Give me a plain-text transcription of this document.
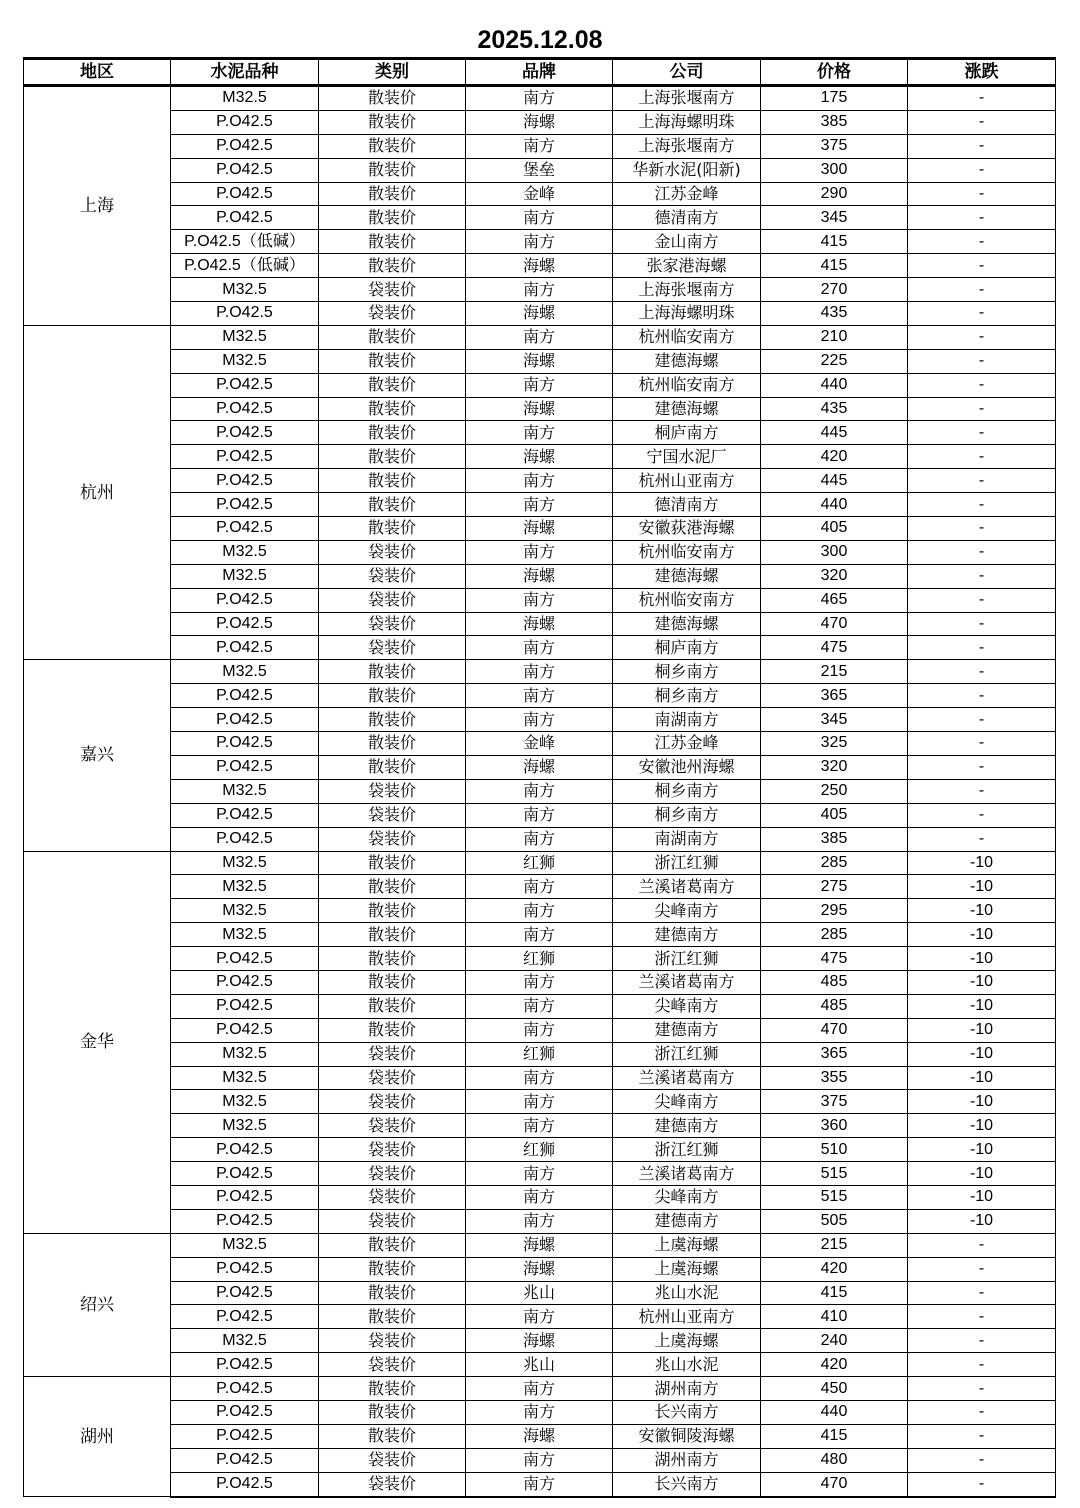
2025.12.08
地区	水泥品种	类别	品牌	公司	价格	涨跌
上海	M32.5	散装价	南方	上海张堰南方	175	-
	P.O42.5	散装价	海螺	上海海螺明珠	385	-
	P.O42.5	散装价	南方	上海张堰南方	375	-
	P.O42.5	散装价	堡垒	华新水泥(阳新)	300	-
	P.O42.5	散装价	金峰	江苏金峰	290	-
	P.O42.5	散装价	南方	德清南方	345	-
	P.O42.5（低碱）	散装价	南方	金山南方	415	-
	P.O42.5（低碱）	散装价	海螺	张家港海螺	415	-
	M32.5	袋装价	南方	上海张堰南方	270	-
	P.O42.5	袋装价	海螺	上海海螺明珠	435	-
杭州	M32.5	散装价	南方	杭州临安南方	210	-
	M32.5	散装价	海螺	建德海螺	225	-
	P.O42.5	散装价	南方	杭州临安南方	440	-
	P.O42.5	散装价	海螺	建德海螺	435	-
	P.O42.5	散装价	南方	桐庐南方	445	-
	P.O42.5	散装价	海螺	宁国水泥厂	420	-
	P.O42.5	散装价	南方	杭州山亚南方	445	-
	P.O42.5	散装价	南方	德清南方	440	-
	P.O42.5	散装价	海螺	安徽荻港海螺	405	-
	M32.5	袋装价	南方	杭州临安南方	300	-
	M32.5	袋装价	海螺	建德海螺	320	-
	P.O42.5	袋装价	南方	杭州临安南方	465	-
	P.O42.5	袋装价	海螺	建德海螺	470	-
	P.O42.5	袋装价	南方	桐庐南方	475	-
嘉兴	M32.5	散装价	南方	桐乡南方	215	-
	P.O42.5	散装价	南方	桐乡南方	365	-
	P.O42.5	散装价	南方	南湖南方	345	-
	P.O42.5	散装价	金峰	江苏金峰	325	-
	P.O42.5	散装价	海螺	安徽池州海螺	320	-
	M32.5	袋装价	南方	桐乡南方	250	-
	P.O42.5	袋装价	南方	桐乡南方	405	-
	P.O42.5	袋装价	南方	南湖南方	385	-
金华	M32.5	散装价	红狮	浙江红狮	285	-10
	M32.5	散装价	南方	兰溪诸葛南方	275	-10
	M32.5	散装价	南方	尖峰南方	295	-10
	M32.5	散装价	南方	建德南方	285	-10
	P.O42.5	散装价	红狮	浙江红狮	475	-10
	P.O42.5	散装价	南方	兰溪诸葛南方	485	-10
	P.O42.5	散装价	南方	尖峰南方	485	-10
	P.O42.5	散装价	南方	建德南方	470	-10
	M32.5	袋装价	红狮	浙江红狮	365	-10
	M32.5	袋装价	南方	兰溪诸葛南方	355	-10
	M32.5	袋装价	南方	尖峰南方	375	-10
	M32.5	袋装价	南方	建德南方	360	-10
	P.O42.5	袋装价	红狮	浙江红狮	510	-10
	P.O42.5	袋装价	南方	兰溪诸葛南方	515	-10
	P.O42.5	袋装价	南方	尖峰南方	515	-10
	P.O42.5	袋装价	南方	建德南方	505	-10
绍兴	M32.5	散装价	海螺	上虞海螺	215	-
	P.O42.5	散装价	海螺	上虞海螺	420	-
	P.O42.5	散装价	兆山	兆山水泥	415	-
	P.O42.5	散装价	南方	杭州山亚南方	410	-
	M32.5	袋装价	海螺	上虞海螺	240	-
	P.O42.5	袋装价	兆山	兆山水泥	420	-
湖州	P.O42.5	散装价	南方	湖州南方	450	-
	P.O42.5	散装价	南方	长兴南方	440	-
	P.O42.5	散装价	海螺	安徽铜陵海螺	415	-
	P.O42.5	袋装价	南方	湖州南方	480	-
	P.O42.5	袋装价	南方	长兴南方	470	-
